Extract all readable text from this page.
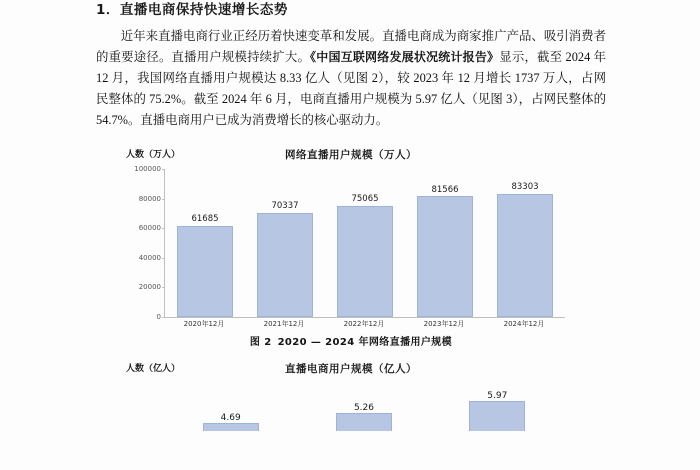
1．直播电商保持快速增长态势

近年来直播电商行业正经历着快速变革和发展。直播电商成为商家推广产品、吸引消费者的重要途径。直播用户规模持续扩大。《中国互联网络发展状况统计报告》显示，截至 2024 年 12 月，我国网络直播用户规模达 8.33 亿人（见图 2），较 2023 年 12 月增长 1737 万人，占网民整体的 75.2%。截至 2024 年 6 月，电商直播用户规模为 5.97 亿人（见图 3），占网民整体的 54.7%。直播电商用户已成为消费增长的核心驱动力。

人数（万人）	网络直播用户规模（万人）
100000
80000
60000
40000
20000
0
61685
70337
75065
81566	83303
2020年12月	2021年12月	2022年12月	2023年12月	2024年12月
图 2 2020 — 2024 年网络直播用户规模
人数（亿人）	直播电商用户规模（亿人）
4.69
5.26
5.97
